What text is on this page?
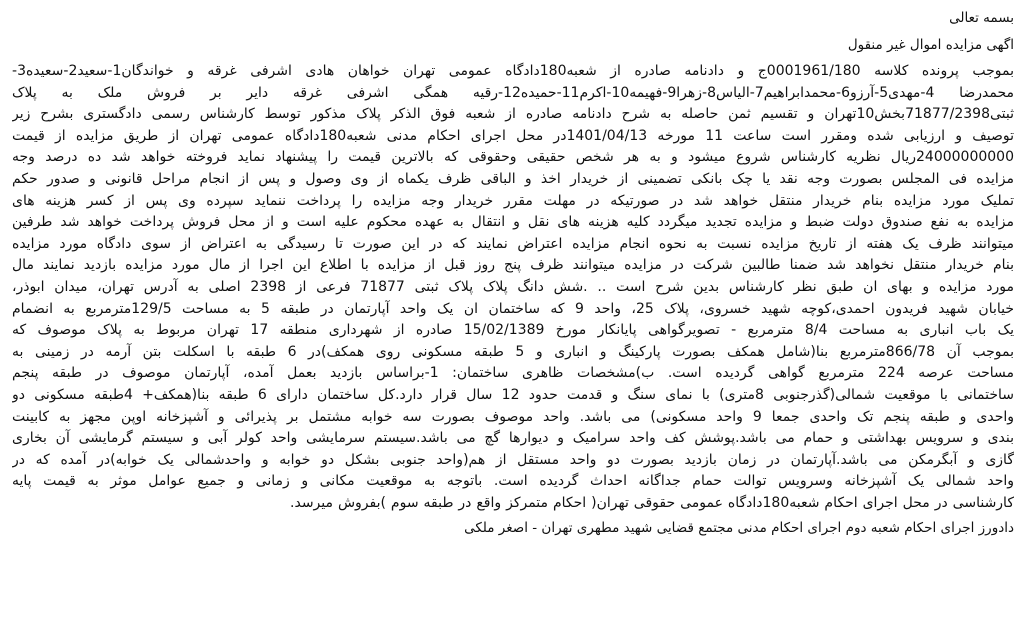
بسمه تعالی

اگهی مزایده اموال غیر منقول

بموجب پرونده کلاسه 0001961/180ج و دادنامه صادره از شعبه180دادگاه عمومی تهران خواهان هادی اشرفی غرقه و خواندگان1-سعید2-سعیده3-
محمدرضا 4-مهدی5-آرزو6-محمدابراهیم7-الیاس8-زهرا9-فهیمه10-اکرم11-حمیده12-رقیه همگی اشرفی غرقه دایر بر فروش ملک به پلاک
ثبتی71877/2398بخش10تهران و تقسیم ثمن حاصله به شرح دادنامه صادره از شعبه فوق الذکر پلاک مذکور توسط کارشناس رسمی دادگستری بشرح زیر
توصیف و ارزیابی شده ومقرر است ساعت 11 مورخه 1401/04/13در محل اجرای احکام مدنی شعبه180دادگاه عمومی تهران از طریق مزایده از قیمت
24000000000ریال نظریه کارشناس شروع میشود و به هر شخص حقیقی وحقوقی که بالاترین قیمت را پیشنهاد نماید فروخته خواهد شد ده درصد وجه
مزایده فی المجلس بصورت وجه نقد یا چک بانکی تضمینی از خریدار اخذ و الباقی ظرف یکماه از وی وصول و پس از انجام مراحل قانونی و صدور حکم
تملیک مورد مزایده بنام خریدار منتقل خواهد شد در صورتیکه در مهلت مقرر خریدار وجه مزایده را پرداخت ننماید سپرده وی پس از کسر هزینه های
مزایده به نفع صندوق دولت ضبط و مزایده تجدید میگردد کلیه هزینه های نقل و انتقال به عهده محکوم علیه است و از محل فروش پرداخت خواهد شد طرفین
میتوانند ظرف یک هفته از تاریخ مزایده نسبت به نحوه انجام مزایده اعتراض نمایند که در این صورت تا رسیدگی به اعتراض از سوی دادگاه مورد مزایده
بنام خریدار منتقل نخواهد شد ضمنا طالبین شرکت در مزایده میتوانند ظرف پنج روز قبل از مزایده با اطلاع این اجرا از مال مورد مزایده بازدید نمایند مال
مورد مزایده و بهای ان طبق نظر کارشناس بدین شرح است .. .شش دانگ پلاک پلاک ثبتی 71877 فرعی از 2398 اصلی به آدرس تهران، میدان ابوذر،
خیابان شهید فریدون احمدی،کوچه شهید خسروی، پلاک 25، واحد 9 که ساختمان ان یک واحد آپارتمان در طبقه 5 به مساحت 129/5مترمربع به انضمام
یک باب انباری به مساحت 8/4 مترمربع - تصویرگواهی پایانکار مورخ 15/02/1389 صادره از شهرداری منطقه 17 تهران مربوط به پلاک موصوف که
بموجب آن 866/78مترمربع بنا(شامل همکف بصورت پارکینگ و انباری و 5 طبقه مسکونی روی همکف)در 6 طبقه با اسکلت بتن آرمه در زمینی به
مساحت عرصه 224 مترمربع گواهی گردیده است. ب)مشخصات ظاهری ساختمان: 1-براساس بازدید بعمل آمده، آپارتمان موصوف در طبقه پنجم
ساختمانی با موقعیت شمالی(گذرجنوبی 8متری) با نمای سنگ و قدمت حدود 12 سال قرار دارد.کل ساختمان دارای 6 طبقه بنا(همکف+ 4طبقه مسکونی دو
واحدی و طبقه پنجم تک واحدی جمعا 9 واحد مسکونی) می باشد. واحد موصوف بصورت سه خوابه مشتمل بر پذیرائی و آشپزخانه اوپن مجهز به کابینت
بندی و سرویس بهداشتی و حمام می باشد.پوشش کف واحد سرامیک و دیوارها گچ می باشد.سیستم سرمایشی واحد کولر آبی و سیستم گرمایشی آن بخاری
گازی و آبگرمکن می باشد.آپارتمان در زمان بازدید بصورت دو واحد مستقل از هم(واحد جنوبی بشکل دو خوابه و واحدشمالی یک خوابه)در آمده که در
واحد شمالی یک آشپزخانه وسرویس توالت حمام جداگانه احداث گردیده است. باتوجه به موقعیت مکانی و زمانی و جمیع عوامل موثر به قیمت پایه
کارشناسی در محل اجرای احکام شعبه180دادگاه عمومی حقوقی تهران( احکام متمرکز واقع در طبقه سوم )بفروش میرسد.

دادورز اجرای احکام شعبه دوم اجرای احکام مدنی مجتمع قضایی شهید مطهری تهران - اصغر ملکی
